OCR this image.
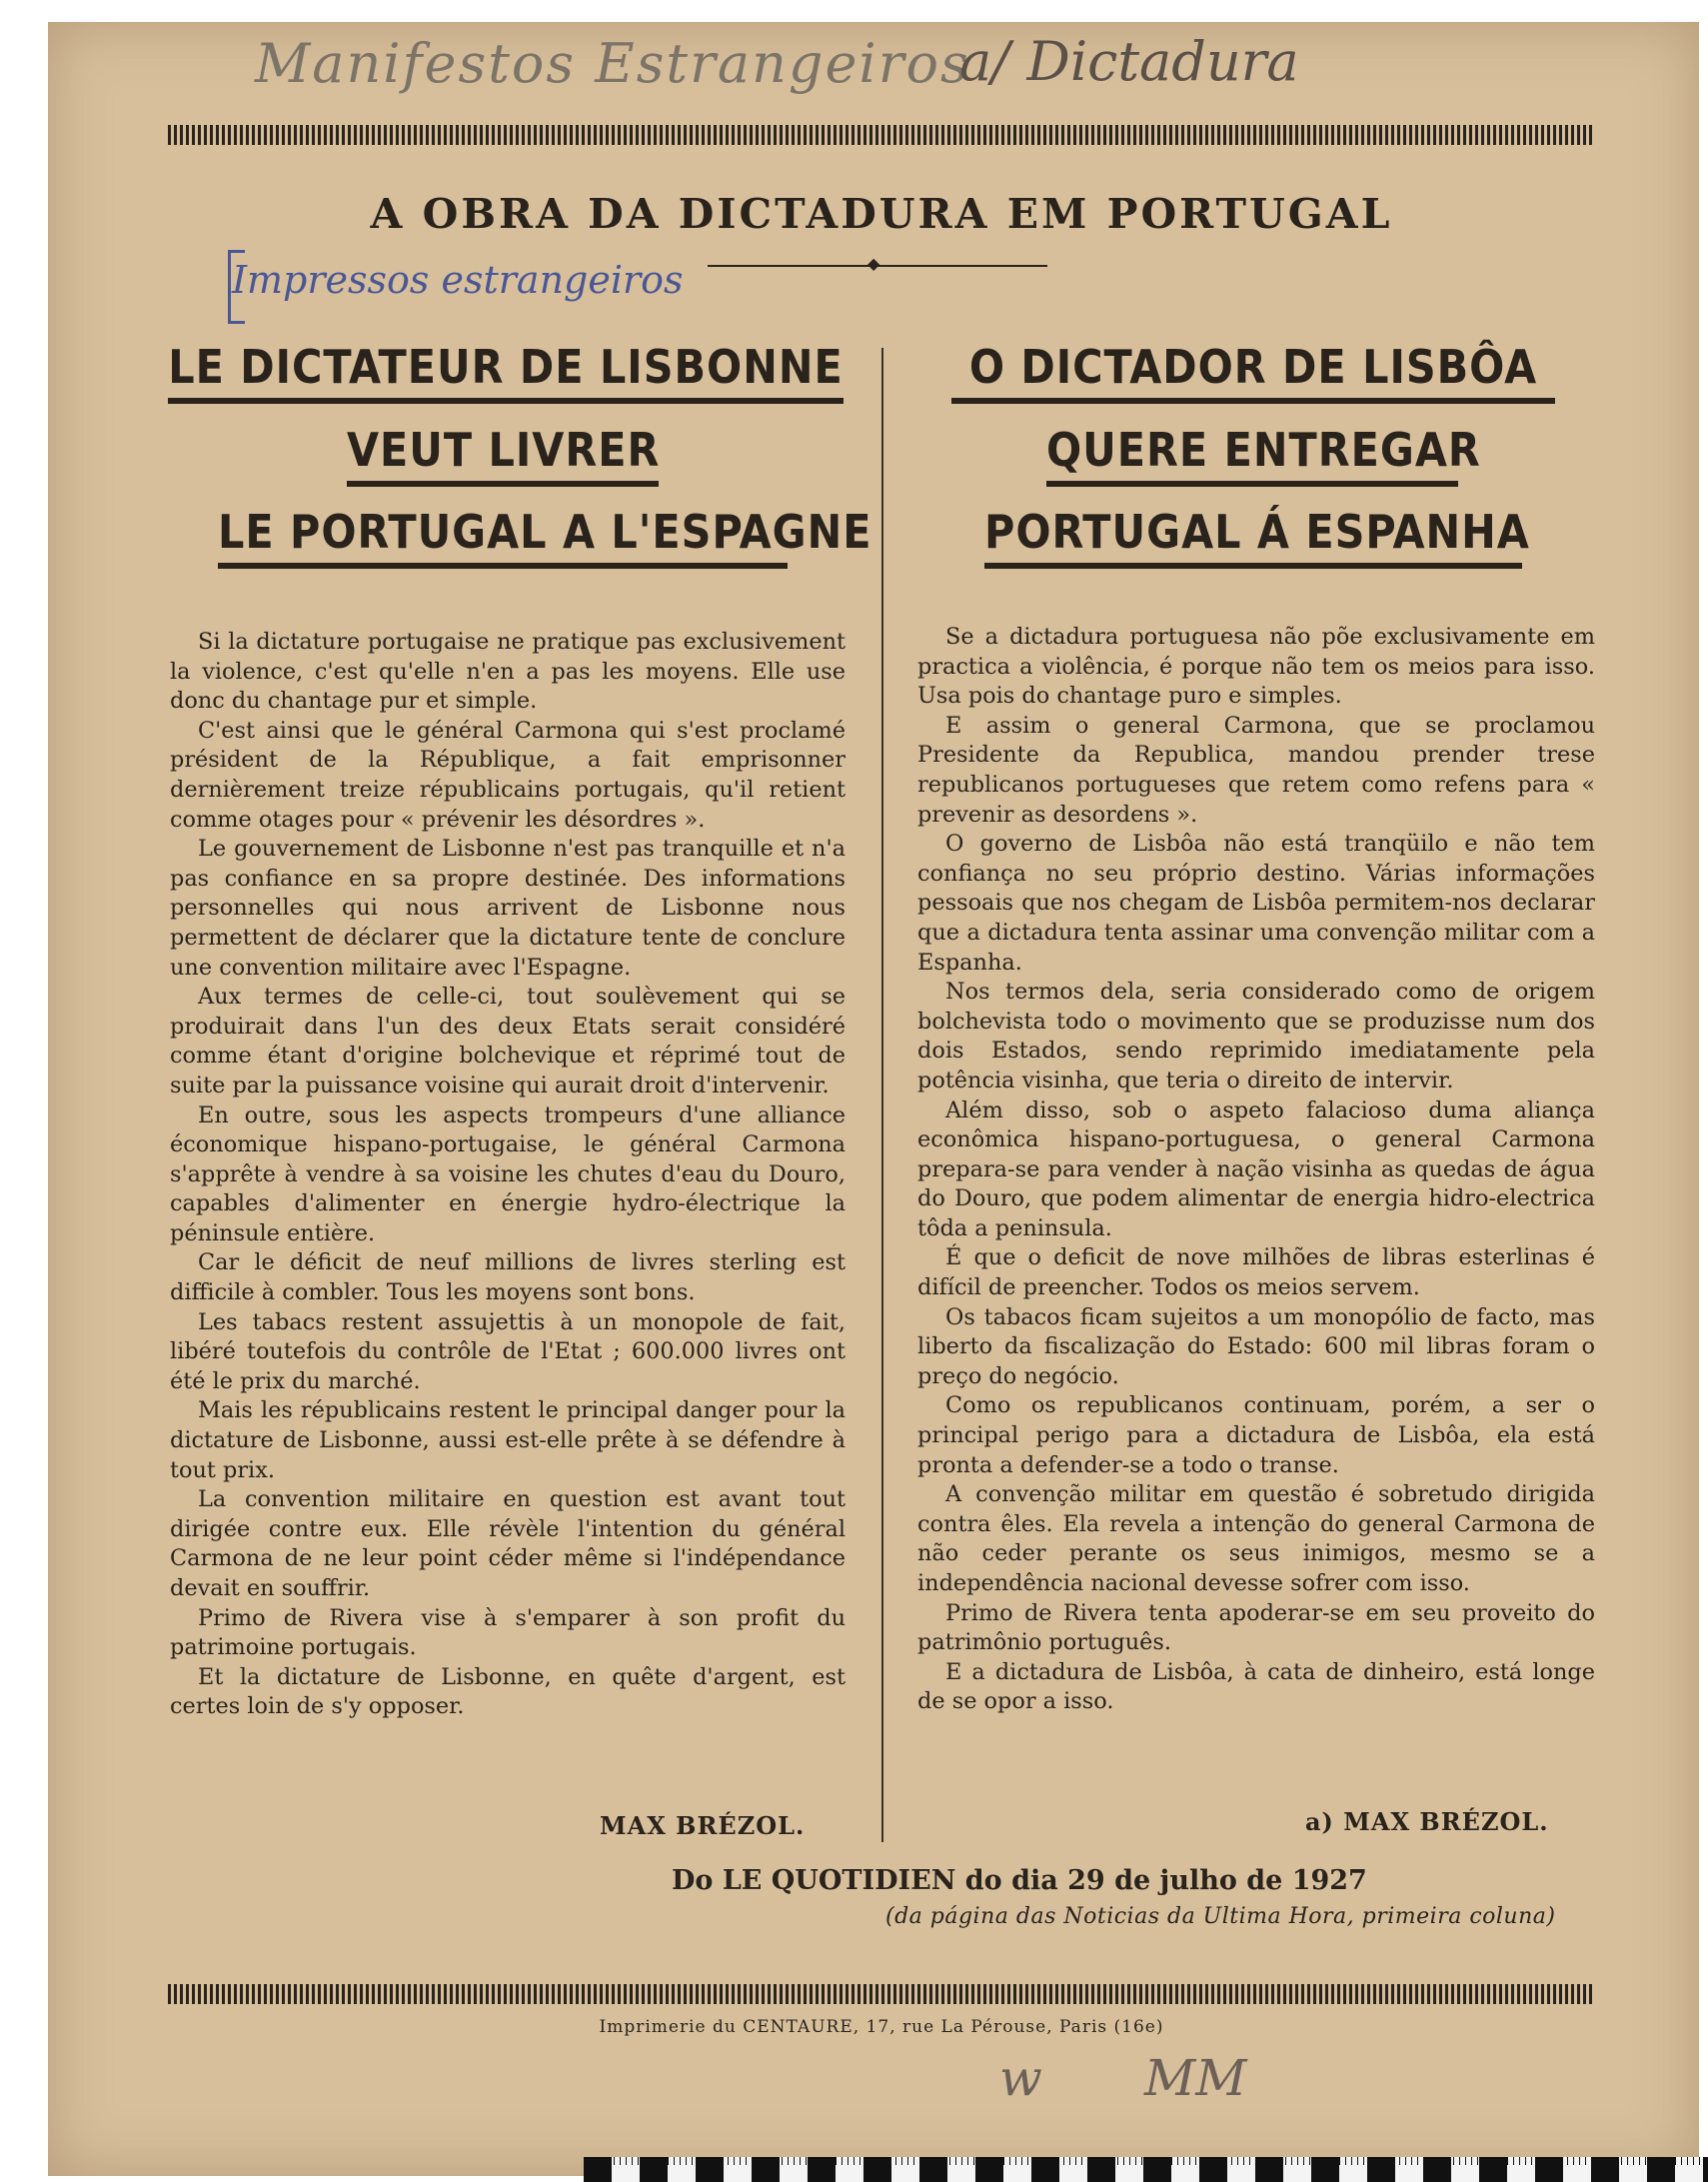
Manifestos Estrangeiros
a/ Dictadura
Impressos estrangeiros
A OBRA DA DICTADURA EM PORTUGAL
◆
LE DICTATEUR DE LISBONNE
VEUT LIVRER
LE PORTUGAL A L'ESPAGNE
O DICTADOR DE LISBÔA
QUERE ENTREGAR
PORTUGAL Á ESPANHA

Si la dictature portugaise ne pratique pas exclusivement la violence, c'est qu'elle n'en a pas les moyens. Elle use donc du chantage pur et simple.

C'est ainsi que le général Carmona qui s'est proclamé président de la République, a fait emprisonner dernièrement treize républicains portugais, qu'il retient comme otages pour « prévenir les désordres ».

Le gouvernement de Lisbonne n'est pas tranquille et n'a pas confiance en sa propre destinée. Des informations personnelles qui nous arrivent de Lisbonne nous permettent de déclarer que la dictature tente de conclure une convention militaire avec l'Espagne.

Aux termes de celle-ci, tout soulèvement qui se produirait dans l'un des deux Etats serait considéré comme étant d'origine bolchevique et réprimé tout de suite par la puissance voisine qui aurait droit d'intervenir.

En outre, sous les aspects trompeurs d'une alliance économique hispano-portugaise, le général Carmona s'apprête à vendre à sa voisine les chutes d'eau du Douro, capables d'alimenter en énergie hydro-électrique la péninsule entière.

Car le déficit de neuf millions de livres sterling est difficile à combler. Tous les moyens sont bons.

Les tabacs restent assujettis à un monopole de fait, libéré toutefois du contrôle de l'Etat ; 600.000 livres ont été le prix du marché.

Mais les républicains restent le principal danger pour la dictature de Lisbonne, aussi est-elle prête à se défendre à tout prix.

La convention militaire en question est avant tout dirigée contre eux. Elle révèle l'intention du général Carmona de ne leur point céder même si l'indépendance devait en souffrir.

Primo de Rivera vise à s'emparer à son profit du patrimoine portugais.

Et la dictature de Lisbonne, en quête d'argent, est certes loin de s'y opposer.

MAX BRÉZOL.

Se a dictadura portuguesa não põe exclusivamente em practica a violência, é porque não tem os meios para isso. Usa pois do chantage puro e simples.

E assim o general Carmona, que se proclamou Presidente da Republica, mandou prender trese republicanos portugueses que retem como refens para « prevenir as desordens ».

O governo de Lisbôa não está tranqüilo e não tem confiança no seu próprio destino. Várias informações pessoais que nos chegam de Lisbôa permitem-nos declarar que a dictadura tenta assinar uma convenção militar com a Espanha.

Nos termos dela, seria considerado como de origem bolchevista todo o movimento que se produzisse num dos dois Estados, sendo reprimido imediatamente pela potência visinha, que teria o direito de intervir.

Além disso, sob o aspeto falacioso duma aliança econômica hispano-portuguesa, o general Carmona prepara-se para vender à nação visinha as quedas de água do Douro, que podem alimentar de energia hidro-electrica tôda a peninsula.

É que o deficit de nove milhões de libras esterlinas é difícil de preencher. Todos os meios servem.

Os tabacos ficam sujeitos a um monopólio de facto, mas liberto da fiscalização do Estado: 600 mil libras foram o preço do negócio.

Como os republicanos continuam, porém, a ser o principal perigo para a dictadura de Lisbôa, ela está pronta a defender-se a todo o transe.

A convenção militar em questão é sobretudo dirigida contra êles. Ela revela a intenção do general Carmona de não ceder perante os seus inimigos, mesmo se a independência nacional devesse sofrer com isso.

Primo de Rivera tenta apoderar-se em seu proveito do patrimônio português.

E a dictadura de Lisbôa, à cata de dinheiro, está longe de se opor a isso.

a) MAX BRÉZOL.
Do LE QUOTIDIEN do dia 29 de julho de 1927
(da página das Noticias da Ultima Hora, primeira coluna)
Imprimerie du CENTAURE, 17, rue La Pérouse, Paris (16e)
w MM
